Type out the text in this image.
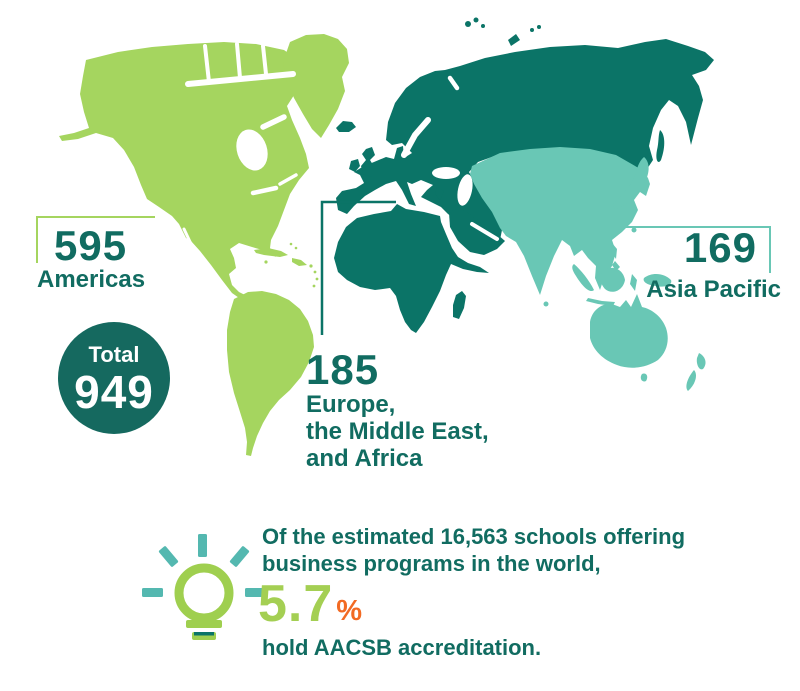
595
Americas
185
Europe,
the Middle East,
and Africa
169
Asia Pacific
Total
949
Of the estimated 16,563 schools offering
business programs in the world,
5.7 %
hold AACSB accreditation.
